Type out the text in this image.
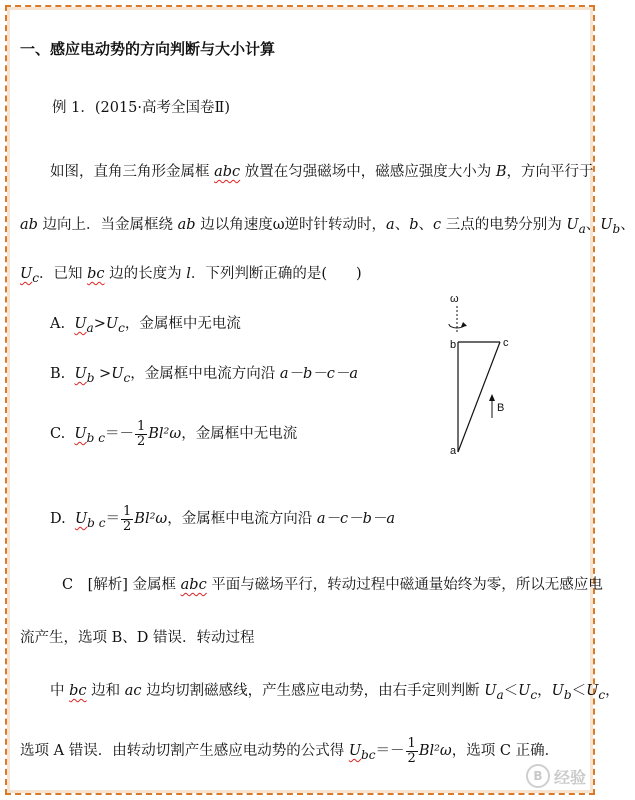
一、感应电动势的方向判断与大小计算
例 1．(2015·高考全国卷Ⅱ)
如图，直角三角形金属框 abc 放置在匀强磁场中，磁感应强度大小为 B，方向平行于
ab 边向上．当金属框绕 ab 边以角速度ω逆时针转动时，a、b、c 三点的电势分别为 $U_a$、$U_b$、
$U_c$．已知 bc 边的长度为 l．下列判断正确的是(　　)
A. $U_a>U_c$，金属框中无电流
B. $U_b >U_c$，金属框中电流方向沿 a－b－c－a
C. $U_{b c}=- \frac{1}{2} Bl^2\omega$，金属框中无电流
D. $U_{b c}= \frac{1}{2} Bl^2\omega$，金属框中电流方向沿 a－c－b－a
ω
b	c
a
B
C　[解析] 金属框 abc 平面与磁场平行，转动过程中磁通量始终为零，所以无感应电
流产生，选项 B、D 错误．转动过程
中 bc 边和 ac 边均切割磁感线，产生感应电动势，由右手定则判断 $U_a<U_c$，$U_b<U_c$，
选项 A 错误．由转动切割产生感应电动势的公式得 $U_{bc}=- \frac{1}{2} Bl^2\omega$，选项 C 正确．
B 经验
